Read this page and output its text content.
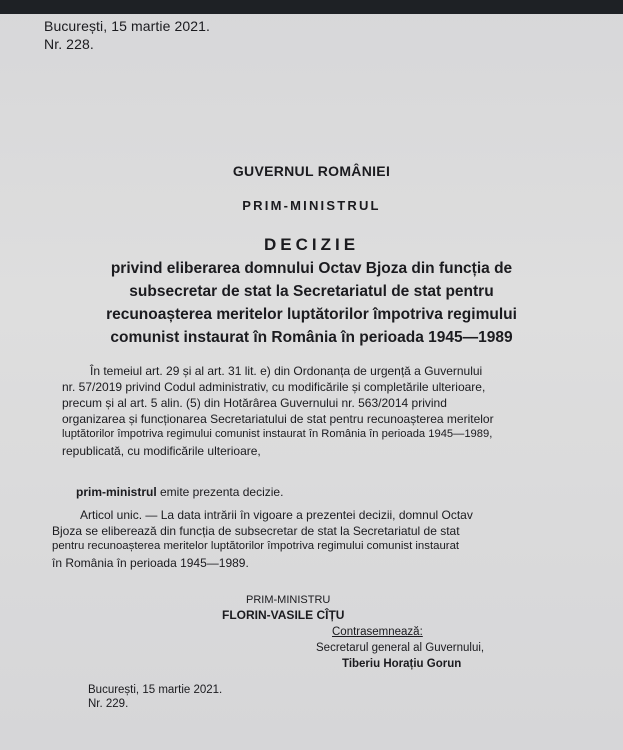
București, 15 martie 2021.
Nr. 228.
GUVERNUL ROMÂNIEI
PRIM-MINISTRUL
DECIZIE
privind eliberarea domnului Octav Bjoza din funcția de
subsecretar de stat la Secretariatul de stat pentru
recunoașterea meritelor luptătorilor împotriva regimului
comunist instaurat în România în perioada 1945—1989
În temeiul art. 29 și al art. 31 lit. e) din Ordonanța de urgență a Guvernului
nr. 57/2019 privind Codul administrativ, cu modificările și completările ulterioare,
precum și al art. 5 alin. (5) din Hotărârea Guvernului nr. 563/2014 privind
organizarea și funcționarea Secretariatului de stat pentru recunoașterea meritelor
luptătorilor împotriva regimului comunist instaurat în România în perioada 1945—1989,
republicată, cu modificările ulterioare,
prim-ministrul emite prezenta decizie.
Articol unic. — La data intrării în vigoare a prezentei decizii, domnul Octav
Bjoza se eliberează din funcția de subsecretar de stat la Secretariatul de stat
pentru recunoașterea meritelor luptătorilor împotriva regimului comunist instaurat
în România în perioada 1945—1989.
PRIM-MINISTRU
FLORIN-VASILE CÎȚU
Contrasemnează:
Secretarul general al Guvernului,
Tiberiu Horațiu Gorun
București, 15 martie 2021.
Nr. 229.
